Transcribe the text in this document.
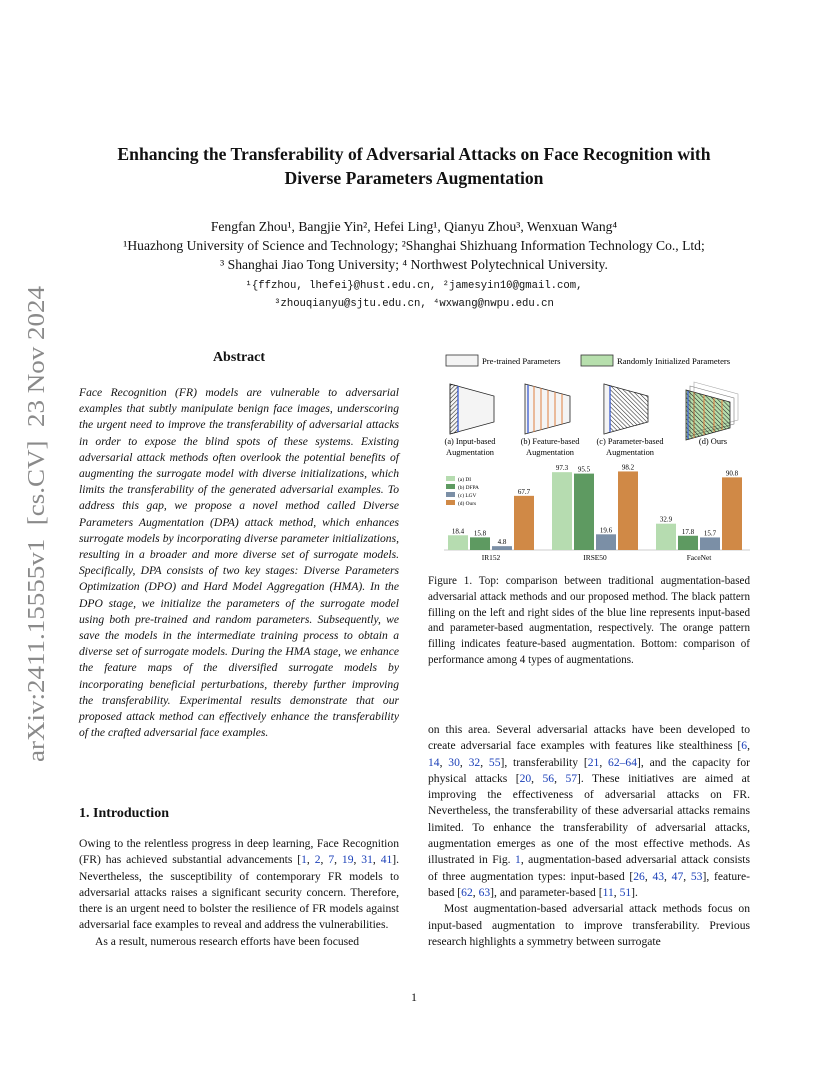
arXiv:2411.15555v1  [cs.CV]  23 Nov 2024
Enhancing the Transferability of Adversarial Attacks on Face Recognition with
Diverse Parameters Augmentation
Fengfan Zhou¹, Bangjie Yin², Hefei Ling¹, Qianyu Zhou³, Wenxuan Wang⁴
¹Huazhong University of Science and Technology; ²Shanghai Shizhuang Information Technology Co., Ltd;
³ Shanghai Jiao Tong University; ⁴ Northwest Polytechnical University.
¹{ffzhou, lhefei}@hust.edu.cn, ²jamesyin10@gmail.com,
³zhouqianyu@sjtu.edu.cn, ⁴wxwang@nwpu.edu.cn
Abstract
Face Recognition (FR) models are vulnerable to adversarial examples that subtly manipulate benign face images, underscoring the urgent need to improve the transferability of adversarial attacks in order to expose the blind spots of these systems. Existing adversarial attack methods often overlook the potential benefits of augmenting the surrogate model with diverse initializations, which limits the transferability of the generated adversarial examples. To address this gap, we propose a novel method called Diverse Parameters Augmentation (DPA) attack method, which enhances surrogate models by incorporating diverse parameter initializations, resulting in a broader and more diverse set of surrogate models. Specifically, DPA consists of two key stages: Diverse Parameters Optimization (DPO) and Hard Model Aggregation (HMA). In the DPO stage, we initialize the parameters of the surrogate model using both pre-trained and random parameters. Subsequently, we save the models in the intermediate training process to obtain a diverse set of surrogate models. During the HMA stage, we enhance the feature maps of the diversified surrogate models by incorporating beneficial perturbations, thereby further improving the transferability. Experimental results demonstrate that our proposed attack method can effectively enhance the transferability of the crafted adversarial face examples.
1. Introduction

Owing to the relentless progress in deep learning, Face Recognition (FR) has achieved substantial advancements [1, 2, 7, 19, 31, 41]. Nevertheless, the susceptibility of contemporary FR models to adversarial attacks raises a significant security concern. Therefore, there is an urgent need to bolster the resilience of FR models against adversarial face examples to reveal and address the vulnerabilities.

As a result, numerous research efforts have been focused

Pre-trained Parameters	Randomly Initialized Parameters
(a) Input-based
Augmentation
(b) Feature-based
Augmentation
(c) Parameter-based
Augmentation
(d) Ours
18.4 15.8
4.8
67.7
IR152
97.3 95.5
19.6
98.2
IRSE50
32.9
17.8 15.7
90.8
FaceNet
(a) DI
(b) DFPA
(c) LGV
(d) Ours
Figure 1. Top: comparison between traditional augmentation-based adversarial attack methods and our proposed method. The black pattern filling on the left and right sides of the blue line represents input-based and parameter-based augmentation, respectively. The orange pattern filling indicates feature-based augmentation. Bottom: comparison of performance among 4 types of augmentations.

on this area. Several adversarial attacks have been developed to create adversarial face examples with features like stealthiness [6, 14, 30, 32, 55], transferability [21, 62–64], and the capacity for physical attacks [20, 56, 57]. These initiatives are aimed at improving the effectiveness of adversarial attacks on FR. Nevertheless, the transferability of these adversarial attacks remains limited. To enhance the transferability of adversarial attacks, augmentation emerges as one of the most effective methods. As illustrated in Fig. 1, augmentation-based adversarial attack consists of three augmentation types: input-based [26, 43, 47, 53], feature-based [62, 63], and parameter-based [11, 51].

Most augmentation-based adversarial attack methods focus on input-based augmentation to improve transferability. Previous research highlights a symmetry between surrogate

1
